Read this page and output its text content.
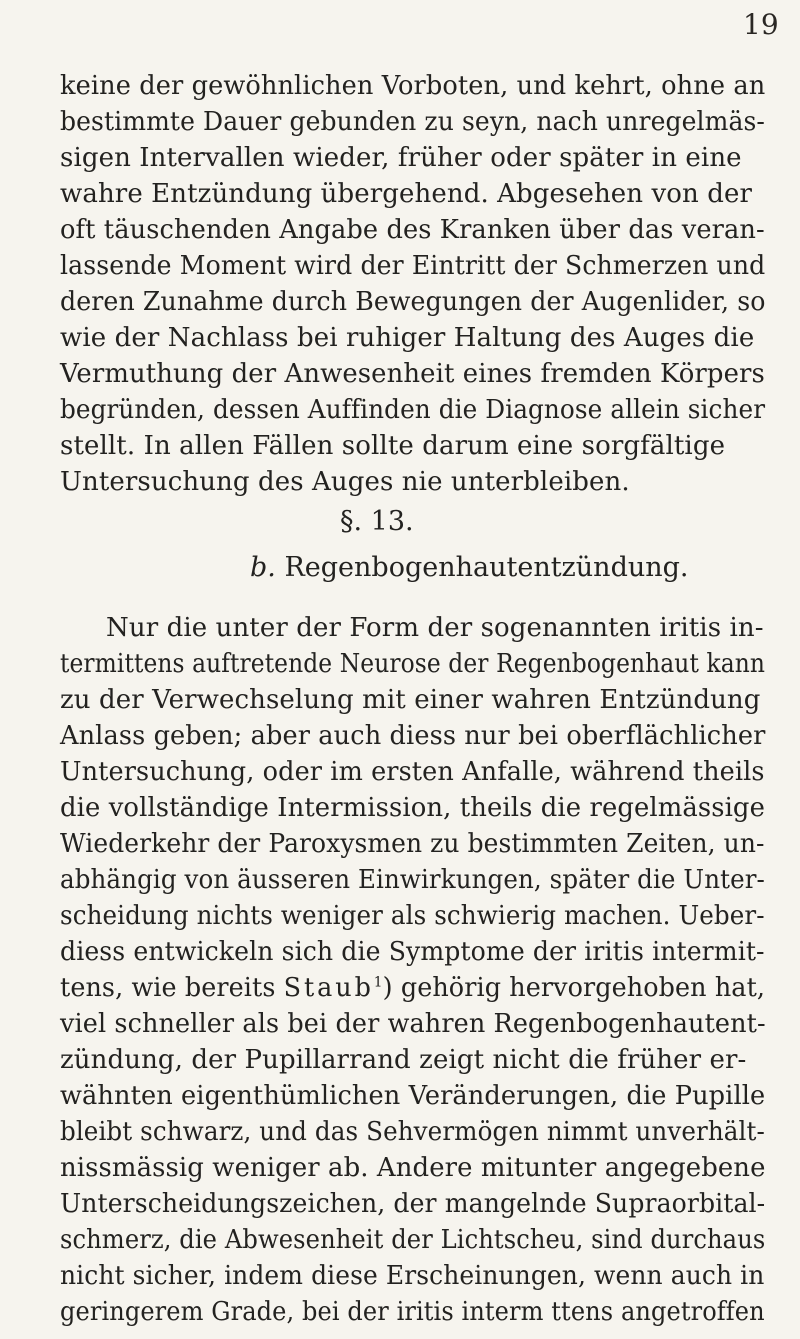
19
keine der gewöhnlichen Vorboten, und kehrt, ohne an
bestimmte Dauer gebunden zu seyn, nach unregelmäs-
sigen Intervallen wieder, früher oder später in eine
wahre Entzündung übergehend. Abgesehen von der
oft täuschenden Angabe des Kranken über das veran-
lassende Moment wird der Eintritt der Schmerzen und
deren Zunahme durch Bewegungen der Augenlider, so
wie der Nachlass bei ruhiger Haltung des Auges die
Vermuthung der Anwesenheit eines fremden Körpers
begründen, dessen Auffinden die Diagnose allein sicher
stellt. In allen Fällen sollte darum eine sorgfältige
Untersuchung des Auges nie unterbleiben.
§. 13.
b. Regenbogenhautentzündung.
Nur die unter der Form der sogenannten iritis in-
termittens auftretende Neurose der Regenbogenhaut kann
zu der Verwechselung mit einer wahren Entzündung
Anlass geben; aber auch diess nur bei oberflächlicher
Untersuchung, oder im ersten Anfalle, während theils
die vollständige Intermission, theils die regelmässige
Wiederkehr der Paroxysmen zu bestimmten Zeiten, un-
abhängig von äusseren Einwirkungen, später die Unter-
scheidung nichts weniger als schwierig machen. Ueber-
diess entwickeln sich die Symptome der iritis intermit-
tens, wie bereits Staub$^1$) gehörig hervorgehoben hat,
viel schneller als bei der wahren Regenbogenhautent-
zündung, der Pupillarrand zeigt nicht die früher er-
wähnten eigenthümlichen Veränderungen, die Pupille
bleibt schwarz, und das Sehvermögen nimmt unverhält-
nissmässig weniger ab. Andere mitunter angegebene
Unterscheidungszeichen, der mangelnde Supraorbital-
schmerz, die Abwesenheit der Lichtscheu, sind durchaus
nicht sicher, indem diese Erscheinungen, wenn auch in
geringerem Grade, bei der iritis interm ttens angetroffen
